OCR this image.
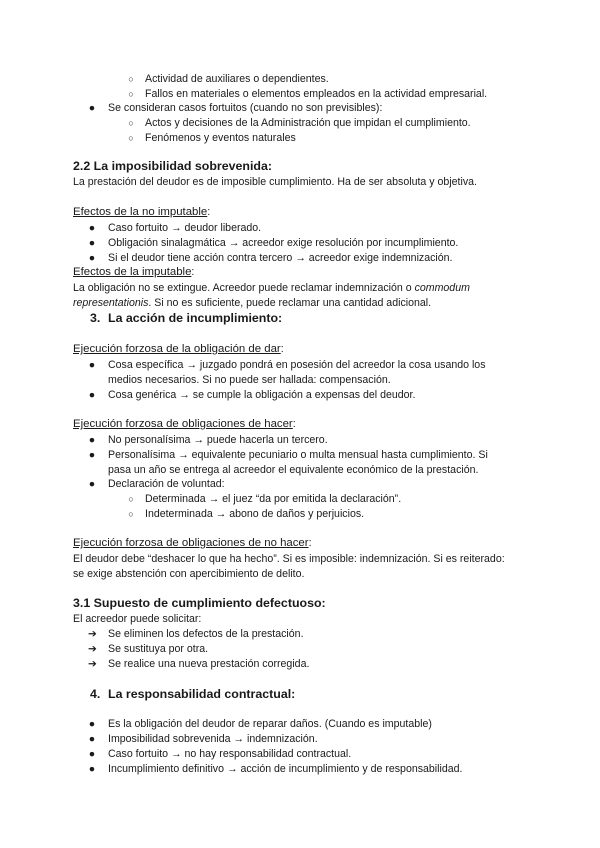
○ Actividad de auxiliares o dependientes.
○ Fallos en materiales o elementos empleados en la actividad empresarial.
● Se consideran casos fortuitos (cuando no son previsibles):
○ Actos y decisiones de la Administración que impidan el cumplimiento.
○ Fenómenos y eventos naturales
2.2 La imposibilidad sobrevenida:
La prestación del deudor es de imposible cumplimiento. Ha de ser absoluta y objetiva.
Efectos de la no imputable:
● Caso fortuito → deudor liberado.
● Obligación sinalagmática → acreedor exige resolución por incumplimiento.
● Si el deudor tiene acción contra tercero → acreedor exige indemnización.
Efectos de la imputable:
La obligación no se extingue. Acreedor puede reclamar indemnización o commodum
representationis. Si no es suficiente, puede reclamar una cantidad adicional.
3. La acción de incumplimiento:
Ejecución forzosa de la obligación de dar:
● Cosa específica → juzgado pondrá en posesión del acreedor la cosa usando los
medios necesarios. Si no puede ser hallada: compensación.
● Cosa genérica → se cumple la obligación a expensas del deudor.
Ejecución forzosa de obligaciones de hacer:
● No personalísima → puede hacerla un tercero.
● Personalísima → equivalente pecuniario o multa mensual hasta cumplimiento. Si
pasa un año se entrega al acreedor el equivalente económico de la prestación.
● Declaración de voluntad:
○ Determinada → el juez “da por emitida la declaración”.
○ Indeterminada → abono de daños y perjuicios.
Ejecución forzosa de obligaciones de no hacer:
El deudor debe “deshacer lo que ha hecho”. Si es imposible: indemnización. Si es reiterado:
se exige abstención con apercibimiento de delito.
3.1 Supuesto de cumplimiento defectuoso:
El acreedor puede solicitar:
➔ Se eliminen los defectos de la prestación.
➔ Se sustituya por otra.
➔ Se realice una nueva prestación corregida.
4. La responsabilidad contractual:
● Es la obligación del deudor de reparar daños. (Cuando es imputable)
● Imposibilidad sobrevenida → indemnización.
● Caso fortuito → no hay responsabilidad contractual.
● Incumplimiento definitivo → acción de incumplimiento y de responsabilidad.
